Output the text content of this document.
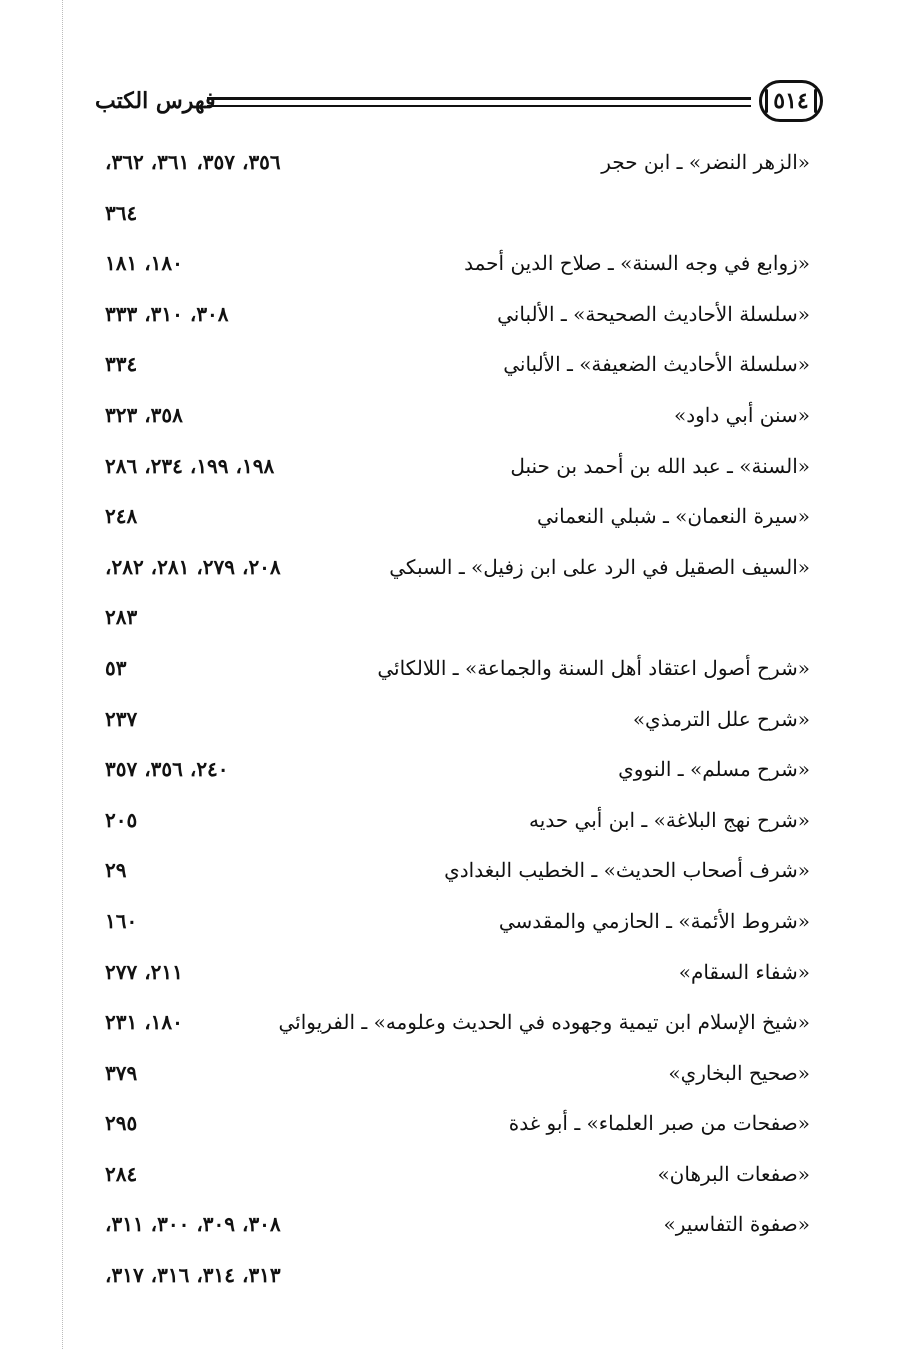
فهرس الكتب	٥١٤
«الزهر النضر» ـ ابن حجر
٣٥٦، ٣٥٧، ٣٦١، ٣٦٢،
٣٦٤
«زوابع في وجه السنة» ـ صلاح الدين أحمد
١٨٠، ١٨١
«سلسلة الأحاديث الصحيحة» ـ الألباني
٣٠٨، ٣١٠، ٣٣٣
«سلسلة الأحاديث الضعيفة» ـ الألباني
٣٣٤
«سنن أبي داود»
٣٥٨، ٣٢٣
«السنة» ـ عبد الله بن أحمد بن حنبل
١٩٨، ١٩٩، ٢٣٤، ٢٨٦
«سيرة النعمان» ـ شبلي النعماني
٢٤٨
«السيف الصقيل في الرد على ابن زفيل» ـ السبكي
٢٠٨، ٢٧٩، ٢٨١، ٢٨٢،
٢٨٣
«شرح أصول اعتقاد أهل السنة والجماعة» ـ اللالكائي
٥٣
«شرح علل الترمذي»
٢٣٧
«شرح مسلم» ـ النووي
٢٤٠، ٣٥٦، ٣٥٧
«شرح نهج البلاغة» ـ ابن أبي حديه
٢٠٥
«شرف أصحاب الحديث» ـ الخطيب البغدادي
٢٩
«شروط الأئمة» ـ الحازمي والمقدسي
١٦٠
«شفاء السقام»
٢١١، ٢٧٧
«شيخ الإسلام ابن تيمية وجهوده في الحديث وعلومه» ـ الفريوائي
١٨٠، ٢٣١
«صحيح البخاري»
٣٧٩
«صفحات من صبر العلماء» ـ أبو غدة
٢٩٥
«صفعات البرهان»
٢٨٤
«صفوة التفاسير»
٣٠٨، ٣٠٩، ٣٠٠، ٣١١،
٣١٣، ٣١٤، ٣١٦، ٣١٧،
